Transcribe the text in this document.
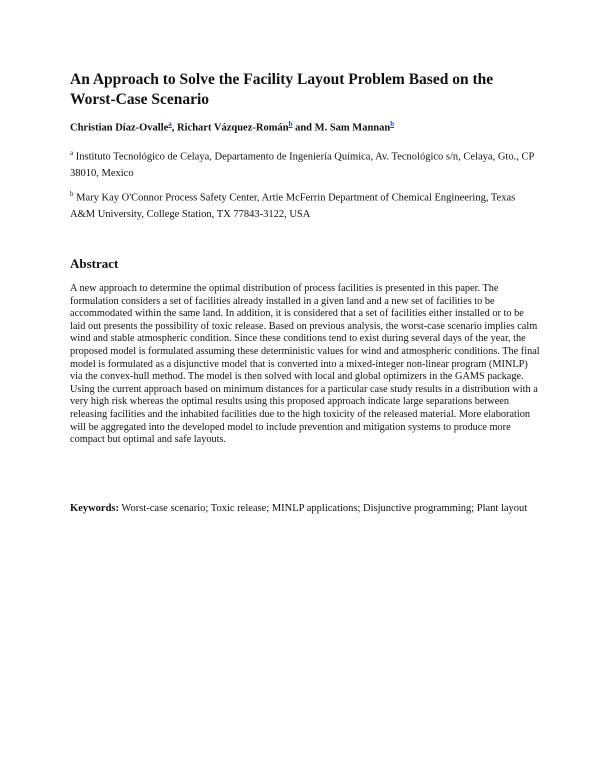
An Approach to Solve the Facility Layout Problem Based on the Worst-Case Scenario
Christian Díaz-Ovalle$^a$, Richart Vázquez-Román$^b$ and M. Sam Mannan$^b$
$^a$ Instituto Tecnológico de Celaya, Departamento de Ingeniería Química, Av. Tecnológico s/n, Celaya, Gto., CP 38010, Mexico
$^b$ Mary Kay O'Connor Process Safety Center, Artie McFerrin Department of Chemical Engineering, Texas A&M University, College Station, TX 77843-3122, USA
Abstract
A new approach to determine the optimal distribution of process facilities is presented in this paper. The formulation considers a set of facilities already installed in a given land and a new set of facilities to be accommodated within the same land. In addition, it is considered that a set of facilities either installed or to be laid out presents the possibility of toxic release. Based on previous analysis, the worst-case scenario implies calm wind and stable atmospheric condition. Since these conditions tend to exist during several days of the year, the proposed model is formulated assuming these deterministic values for wind and atmospheric conditions. The final model is formulated as a disjunctive model that is converted into a mixed-integer non-linear program (MINLP) via the convex-hull method. The model is then solved with local and global optimizers in the GAMS package. Using the current approach based on minimum distances for a particular case study results in a distribution with a very high risk whereas the optimal results using this proposed approach indicate large separations between releasing facilities and the inhabited facilities due to the high toxicity of the released material. More elaboration will be aggregated into the developed model to include prevention and mitigation systems to produce more compact but optimal and safe layouts.
Keywords: Worst-case scenario; Toxic release; MINLP applications; Disjunctive programming; Plant layout
